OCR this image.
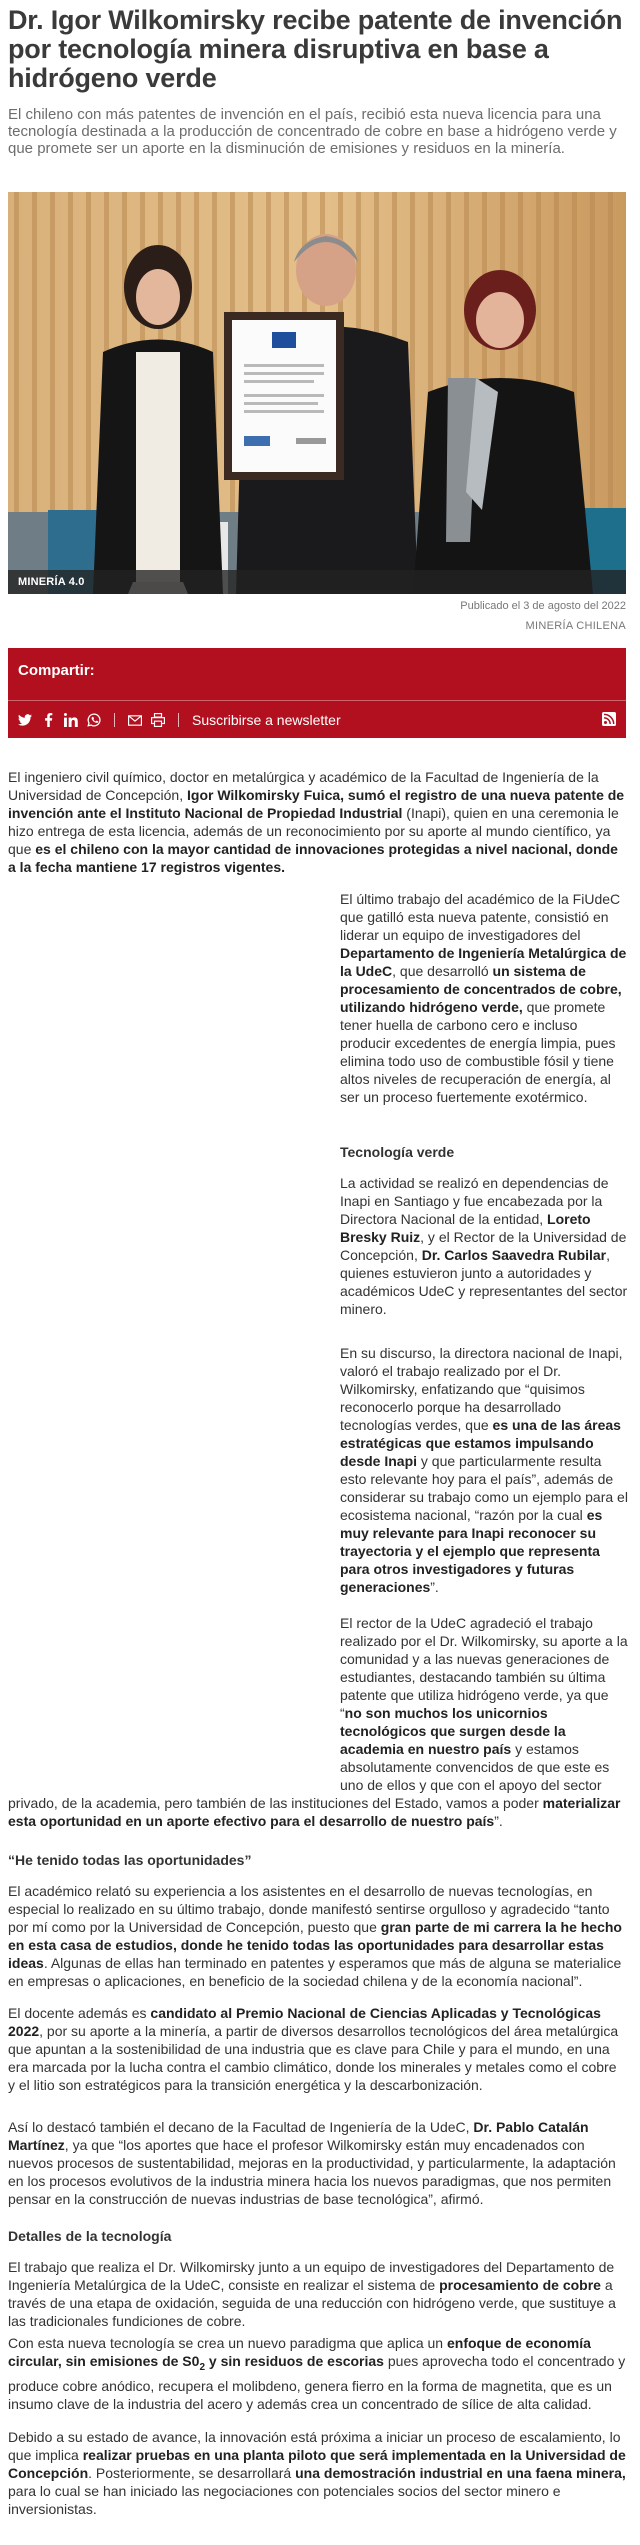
Dr. Igor Wilkomirsky recibe patente de invención por tecnología minera disruptiva en base a hidrógeno verde

El chileno con más patentes de invención en el país, recibió esta nueva licencia para una tecnología destinada a la producción de concentrado de cobre en base a hidrógeno verde y que promete ser un aporte en la disminución de emisiones y residuos en la minería.

MINERÍA 4.0
Publicado el 3 de agosto del 2022
MINERÍA CHILENA
Compartir:
Suscribirse a newsletter

El ingeniero civil químico, doctor en metalúrgica y académico de la Facultad de Ingeniería de la Universidad de Concepción, Igor Wilkomirsky Fuica, sumó el registro de una nueva patente de invención ante el Instituto Nacional de Propiedad Industrial (Inapi), quien en una ceremonia le hizo entrega de esta licencia, además de un reconocimiento por su aporte al mundo científico, ya que es el chileno con la mayor cantidad de innovaciones protegidas a nivel nacional, donde a la fecha mantiene 17 registros vigentes.

El último trabajo del académico de la FiUdeC que gatilló esta nueva patente, consistió en liderar un equipo de investigadores del Departamento de Ingeniería Metalúrgica de la UdeC, que desarrolló un sistema de procesamiento de concentrados de cobre, utilizando hidrógeno verde, que promete tener huella de carbono cero e incluso producir excedentes de energía limpia, pues elimina todo uso de combustible fósil y tiene altos niveles de recuperación de energía, al ser un proceso fuertemente exotérmico.

Tecnología verde

La actividad se realizó en dependencias de Inapi en Santiago y fue encabezada por la Directora Nacional de la entidad, Loreto Bresky Ruiz, y el Rector de la Universidad de Concepción, Dr. Carlos Saavedra Rubilar, quienes estuvieron junto a autoridades y académicos UdeC y representantes del sector minero.

En su discurso, la directora nacional de Inapi, valoró el trabajo realizado por el Dr. Wilkomirsky, enfatizando que “quisimos reconocerlo porque ha desarrollado tecnologías verdes, que es una de las áreas estratégicas que estamos impulsando desde Inapi y que particularmente resulta esto relevante hoy para el país”, además de considerar su trabajo como un ejemplo para el ecosistema nacional, “razón por la cual es muy relevante para Inapi reconocer su trayectoria y el ejemplo que representa para otros investigadores y futuras generaciones”.

El rector de la UdeC agradeció el trabajo realizado por el Dr. Wilkomirsky, su aporte a la comunidad y a las nuevas generaciones de estudiantes, destacando también su última patente que utiliza hidrógeno verde, ya que “no son muchos los unicornios tecnológicos que surgen desde la academia en nuestro país y estamos absolutamente convencidos de que este es uno de ellos y que con el apoyo del sector

privado, de la academia, pero también de las instituciones del Estado, vamos a poder materializar esta oportunidad en un aporte efectivo para el desarrollo de nuestro país”.

“He tenido todas las oportunidades”

El académico relató su experiencia a los asistentes en el desarrollo de nuevas tecnologías, en especial lo realizado en su último trabajo, donde manifestó sentirse orgulloso y agradecido “tanto por mí como por la Universidad de Concepción, puesto que gran parte de mi carrera la he hecho en esta casa de estudios, donde he tenido todas las oportunidades para desarrollar estas ideas. Algunas de ellas han terminado en patentes y esperamos que más de alguna se materialice en empresas o aplicaciones, en beneficio de la sociedad chilena y de la economía nacional”.

El docente además es candidato al Premio Nacional de Ciencias Aplicadas y Tecnológicas 2022, por su aporte a la minería, a partir de diversos desarrollos tecnológicos del área metalúrgica que apuntan a la sostenibilidad de una industria que es clave para Chile y para el mundo, en una era marcada por la lucha contra el cambio climático, donde los minerales y metales como el cobre y el litio son estratégicos para la transición energética y la descarbonización.

Así lo destacó también el decano de la Facultad de Ingeniería de la UdeC, Dr. Pablo Catalán Martínez, ya que “los aportes que hace el profesor Wilkomirsky están muy encadenados con nuevos procesos de sustentabilidad, mejoras en la productividad, y particularmente, la adaptación en los procesos evolutivos de la industria minera hacia los nuevos paradigmas, que nos permiten pensar en la construcción de nuevas industrias de base tecnológica”, afirmó.

Detalles de la tecnología

El trabajo que realiza el Dr. Wilkomirsky junto a un equipo de investigadores del Departamento de Ingeniería Metalúrgica de la UdeC, consiste en realizar el sistema de procesamiento de cobre a través de una etapa de oxidación, seguida de una reducción con hidrógeno verde, que sustituye a las tradicionales fundiciones de cobre.

Con esta nueva tecnología se crea un nuevo paradigma que aplica un enfoque de economía circular, sin emisiones de $S0_2$ y sin residuos de escorias pues aprovecha todo el concentrado y produce cobre anódico, recupera el molibdeno, genera fierro en la forma de magnetita, que es un insumo clave de la industria del acero y además crea un concentrado de sílice de alta calidad.

Debido a su estado de avance, la innovación está próxima a iniciar un proceso de escalamiento, lo que implica realizar pruebas en una planta piloto que será implementada en la Universidad de Concepción. Posteriormente, se desarrollará una demostración industrial en una faena minera, para lo cual se han iniciado las negociaciones con potenciales socios del sector minero e inversionistas.
